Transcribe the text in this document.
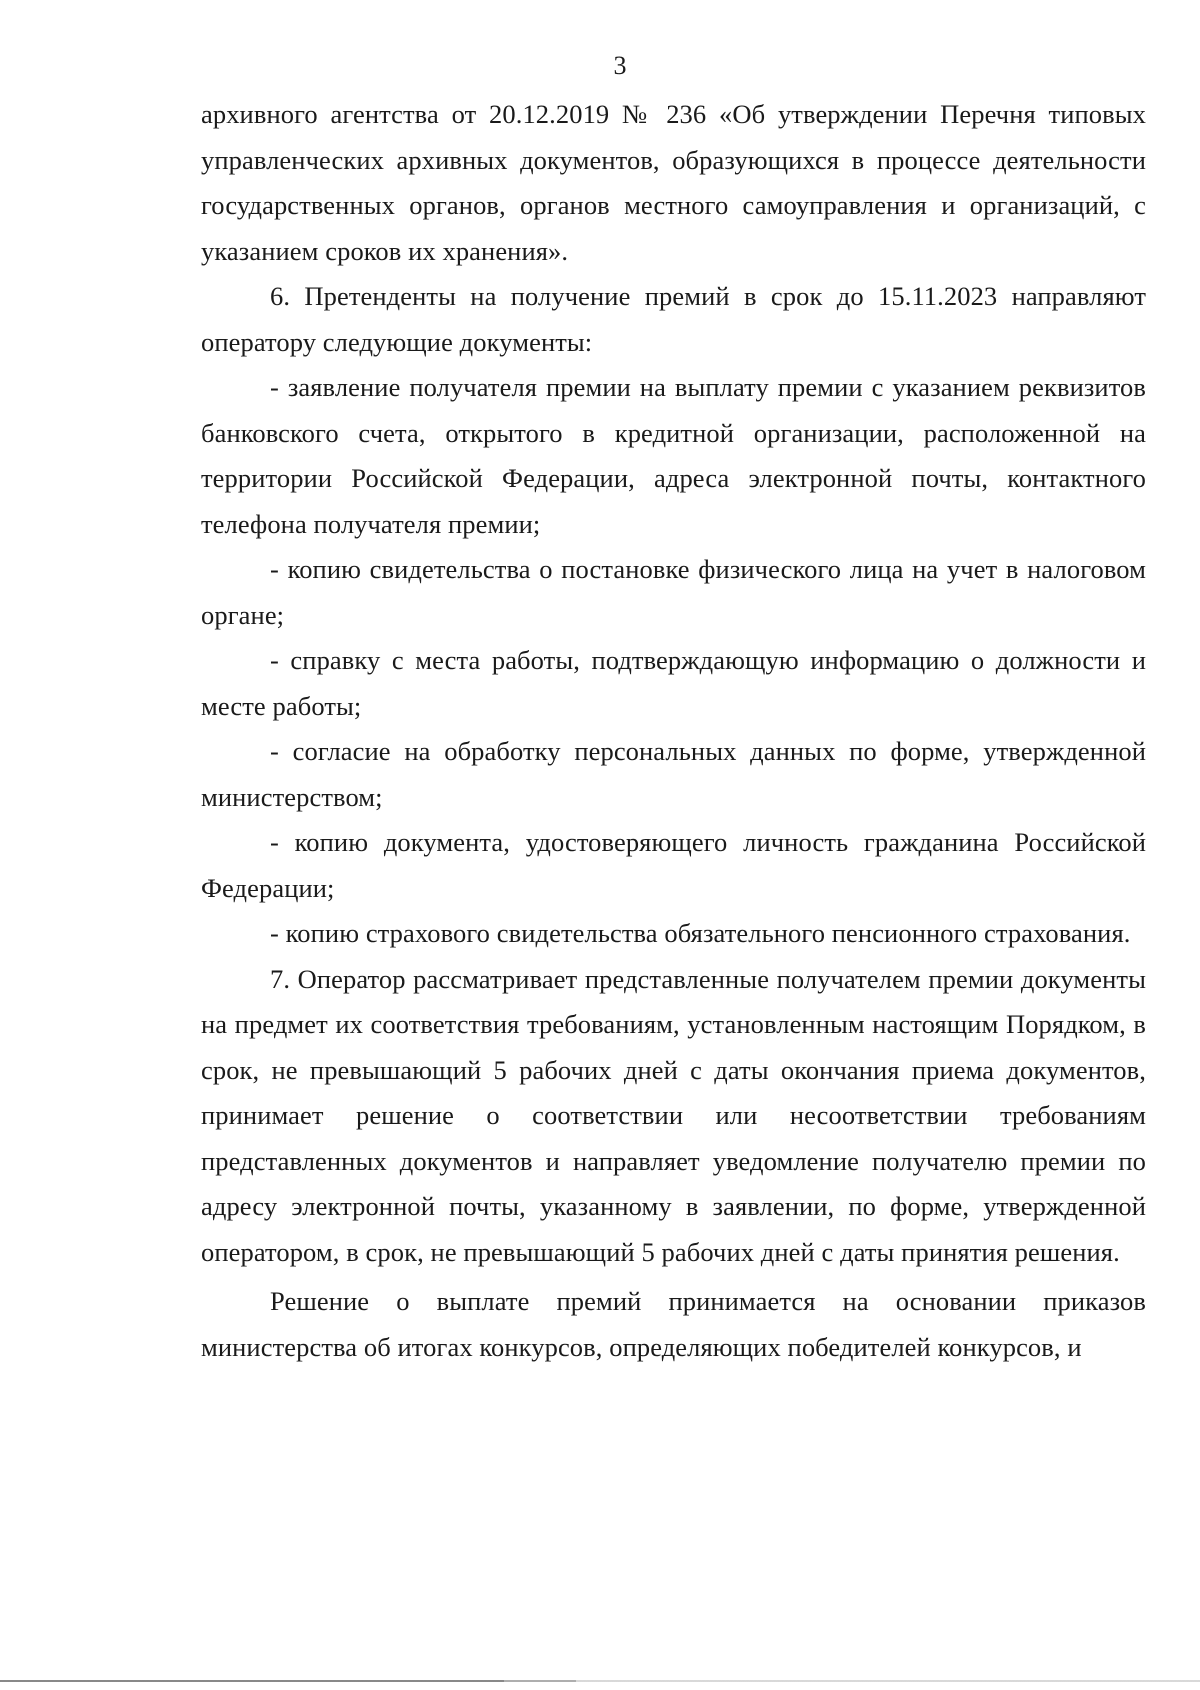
3

архивного агентства от 20.12.2019 № 236 «Об утверждении Перечня типовых управленческих архивных документов, образующихся в процессе деятельности государственных органов, органов местного самоуправления и организаций, с указанием сроков их хранения».

6. Претенденты на получение премий в срок до 15.11.2023 направляют оператору следующие документы:

- заявление получателя премии на выплату премии с указанием реквизитов банковского счета, открытого в кредитной организации, расположенной на территории Российской Федерации, адреса электронной почты, контактного телефона получателя премии;

- копию свидетельства о постановке физического лица на учет в налоговом органе;

- справку с места работы, подтверждающую информацию о должности и месте работы;

- согласие на обработку персональных данных по форме, утвержденной министерством;

- копию документа, удостоверяющего личность гражданина Российской Федерации;

- копию страхового свидетельства обязательного пенсионного страхования.

7. Оператор рассматривает представленные получателем премии документы на предмет их соответствия требованиям, установленным настоящим Порядком, в срок, не превышающий 5 рабочих дней с даты окончания приема документов, принимает решение о соответствии или несоответствии требованиям представленных документов и направляет уведомление получателю премии по адресу электронной почты, указанному в заявлении, по форме, утвержденной оператором, в срок, не превышающий 5 рабочих дней с даты принятия решения.

Решение о выплате премий принимается на основании приказов министерства об итогах конкурсов, определяющих победителей конкурсов, и
